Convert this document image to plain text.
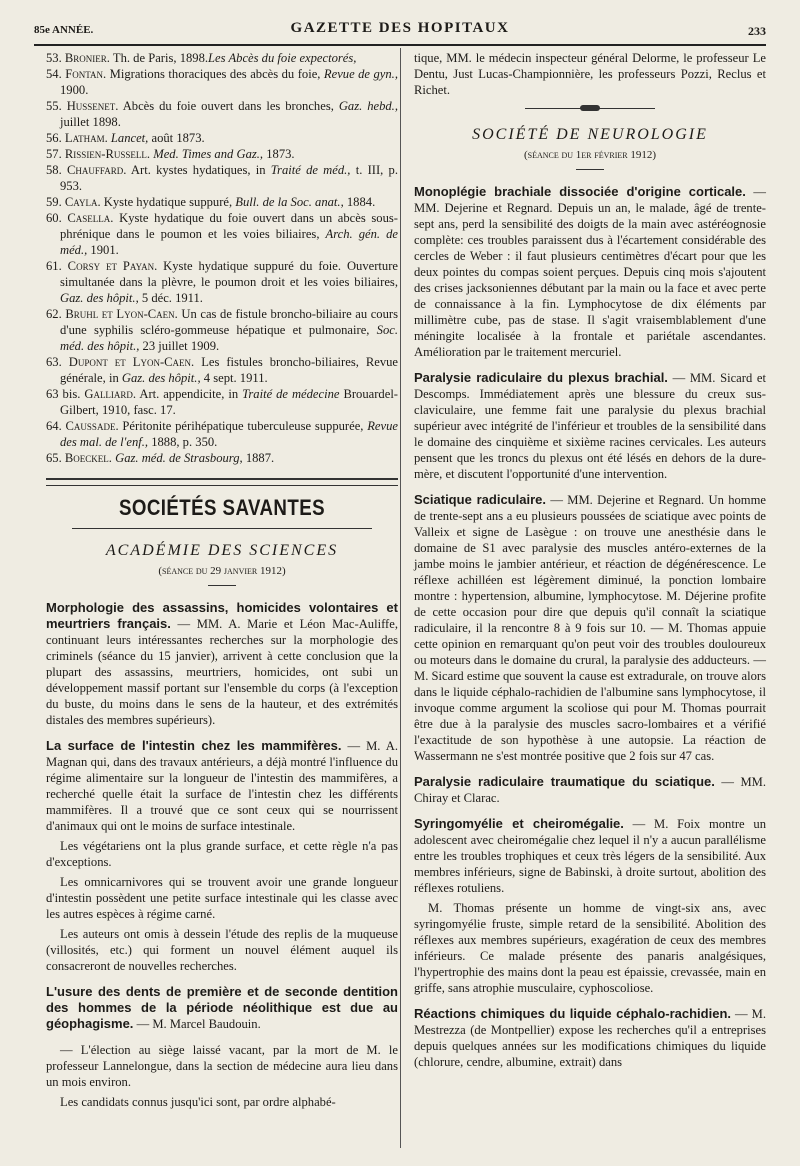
85e ANNÉE.	GAZETTE DES HOPITAUX	233

53. Bronier. Th. de Paris, 1898.Les Abcès du foie expectorés,

54. Fontan. Migrations thoraciques des abcès du foie, Revue de gyn., 1900.

55. Hussenet. Abcès du foie ouvert dans les bronches, Gaz. hebd., juillet 1898.

56. Latham. Lancet, août 1873.

57. Rissien-Russell. Med. Times and Gaz., 1873.

58. Chauffard. Art. kystes hydatiques, in Traité de méd., t. III, p. 953.

59. Cayla. Kyste hydatique suppuré, Bull. de la Soc. anat., 1884.

60. Casella. Kyste hydatique du foie ouvert dans un abcès sous-phrénique dans le poumon et les voies biliaires, Arch. gén. de méd., 1901.

61. Corsy et Payan. Kyste hydatique suppuré du foie. Ouverture simultanée dans la plèvre, le poumon droit et les voies biliaires, Gaz. des hôpit., 5 déc. 1911.

62. Bruhl et Lyon-Caen. Un cas de fistule broncho-biliaire au cours d'une syphilis scléro-gommeuse hépatique et pulmonaire, Soc. méd. des hôpit., 23 juillet 1909.

63. Dupont et Lyon-Caen. Les fistules broncho-biliaires, Revue générale, in Gaz. des hôpit., 4 sept. 1911.

63 bis. Galliard. Art. appendicite, in Traité de médecine Brouardel-Gilbert, 1910, fasc. 17.

64. Caussade. Péritonite périhépatique tuberculeuse suppurée, Revue des mal. de l'enf., 1888, p. 350.

65. Boeckel. Gaz. méd. de Strasbourg, 1887.

SOCIÉTÉS SAVANTES
ACADÉMIE DES SCIENCES
(séance du 29 janvier 1912)

Morphologie des assassins, homicides volontaires et meurtriers français. — MM. A. Marie et Léon Mac-Auliffe, continuant leurs intéressantes recherches sur la morphologie des criminels (séance du 15 janvier), arrivent à cette conclusion que la plupart des assassins, meurtriers, homicides, ont subi un développement massif portant sur l'ensemble du corps (à l'exception du buste, du moins dans le sens de la hauteur, et des extrémités distales des membres supérieurs).

La surface de l'intestin chez les mammifères. — M. A. Magnan qui, dans des travaux antérieurs, a déjà montré l'influence du régime alimentaire sur la longueur de l'intestin des mammifères, a recherché quelle était la surface de l'intestin chez les différents mammifères. Il a trouvé que ce sont ceux qui se nourrissent d'animaux qui ont le moins de surface intestinale.

Les végétariens ont la plus grande surface, et cette règle n'a pas d'exceptions.

Les omnicarnivores qui se trouvent avoir une grande longueur d'intestin possèdent une petite surface intestinale qui les classe avec les autres espèces à régime carné.

Les auteurs ont omis à dessein l'étude des replis de la muqueuse (villosités, etc.) qui forment un nouvel élément auquel ils consacreront de nouvelles recherches.

L'usure des dents de première et de seconde dentition des hommes de la période néolithique est due au géophagisme. — M. Marcel Baudouin.

— L'élection au siège laissé vacant, par la mort de M. le professeur Lannelongue, dans la section de médecine aura lieu dans un mois environ.

Les candidats connus jusqu'ici sont, par ordre alphabé-

tique, MM. le médecin inspecteur général Delorme, le professeur Le Dentu, Just Lucas-Championnière, les professeurs Pozzi, Reclus et Richet.

SOCIÉTÉ DE NEUROLOGIE
(séance du 1er février 1912)

Monoplégie brachiale dissociée d'origine corticale. — MM. Dejerine et Regnard. Depuis un an, le malade, âgé de trente-sept ans, perd la sensibilité des doigts de la main avec astéréognosie complète: ces troubles paraissent dus à l'écartement considérable des cercles de Weber : il faut plusieurs centimètres d'écart pour que les deux pointes du compas soient perçues. Depuis cinq mois s'ajoutent des crises jacksoniennes débutant par la main ou la face et avec perte de connaissance à la fin. Lymphocytose de dix éléments par millimètre cube, pas de stase. Il s'agit vraisemblablement d'une méningite localisée à la frontale et pariétale ascendantes. Amélioration par le traitement mercuriel.

Paralysie radiculaire du plexus brachial. — MM. Sicard et Descomps. Immédiatement après une blessure du creux sus-claviculaire, une femme fait une paralysie du plexus brachial supérieur avec intégrité de l'inférieur et troubles de la sensibilité dans le domaine des cinquième et sixième racines cervicales. Les auteurs pensent que les troncs du plexus ont été lésés en dehors de la dure-mère, et discutent l'opportunité d'une intervention.

Sciatique radiculaire. — MM. Dejerine et Regnard. Un homme de trente-sept ans a eu plusieurs poussées de sciatique avec points de Valleix et signe de Lasègue : on trouve une anesthésie dans le domaine de S1 avec paralysie des muscles antéro-externes de la jambe moins le jambier antérieur, et réaction de dégénérescence. Le réflexe achilléen est légèrement diminué, la ponction lombaire montre : hypertension, albumine, lymphocytose. M. Déjerine profite de cette occasion pour dire que depuis qu'il connaît la sciatique radiculaire, il la rencontre 8 à 9 fois sur 10. — M. Thomas appuie cette opinion en remarquant qu'on peut voir des troubles douloureux ou moteurs dans le domaine du crural, la paralysie des adducteurs. — M. Sicard estime que souvent la cause est extradurale, on trouve alors dans le liquide céphalo-rachidien de l'albumine sans lymphocytose, il invoque comme argument la scoliose qui pour M. Thomas pourrait être due à la paralysie des muscles sacro-lombaires et a vérifié l'exactitude de son hypothèse à une autopsie. La réaction de Wassermann ne s'est montrée positive que 2 fois sur 47 cas.

Paralysie radiculaire traumatique du sciatique. — MM. Chiray et Clarac.

Syringomyélie et cheiromégalie. — M. Foix montre un adolescent avec cheiromégalie chez lequel il n'y a aucun parallélisme entre les troubles trophiques et ceux très légers de la sensibilité. Aux membres inférieurs, signe de Babinski, à droite surtout, abolition des réflexes rotuliens.

M. Thomas présente un homme de vingt-six ans, avec syringomyélie fruste, simple retard de la sensibilité. Abolition des réflexes aux membres supérieurs, exagération de ceux des membres inférieurs. Ce malade présente des panaris analgésiques, l'hypertrophie des mains dont la peau est épaissie, crevassée, main en griffe, sans atrophie musculaire, cyphoscoliose.

Réactions chimiques du liquide céphalo-rachidien. — M. Mestrezza (de Montpellier) expose les recherches qu'il a entreprises depuis quelques années sur les modifications chimiques du liquide (chlorure, cendre, albumine, extrait) dans
